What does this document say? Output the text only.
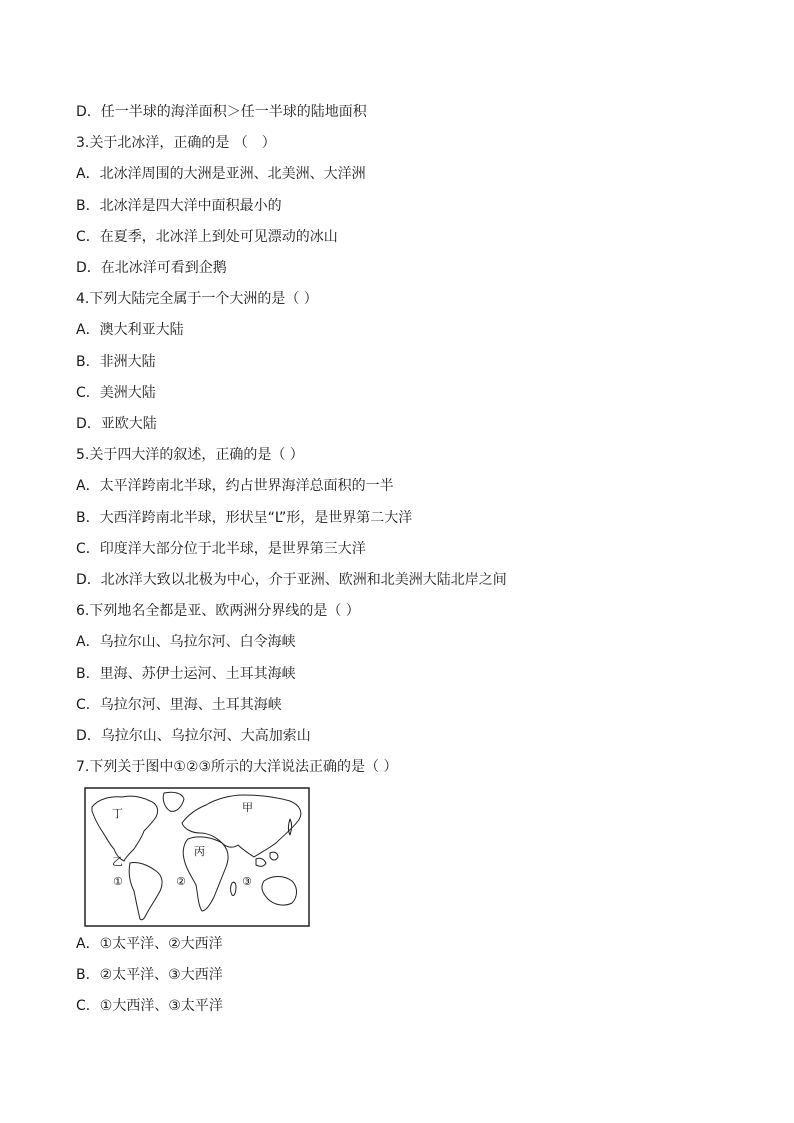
D．任一半球的海洋面积＞任一半球的陆地面积
3.关于北冰洋，正确的是 （　）
A．北冰洋周围的大洲是亚洲、北美洲、大洋洲
B．北冰洋是四大洋中面积最小的
C．在夏季，北冰洋上到处可见漂动的冰山
D．在北冰洋可看到企鹅
4.下列大陆完全属于一个大洲的是（ ）
A．澳大利亚大陆
B．非洲大陆
C．美洲大陆
D．亚欧大陆
5.关于四大洋的叙述，正确的是（ ）
A．太平洋跨南北半球，约占世界海洋总面积的一半
B．大西洋跨南北半球，形状呈“L”形，是世界第二大洋
C．印度洋大部分位于北半球，是世界第三大洋
D．北冰洋大致以北极为中心，介于亚洲、欧洲和北美洲大陆北岸之间
6.下列地名全都是亚、欧两洲分界线的是（ ）
A．乌拉尔山、乌拉尔河、白令海峡
B．里海、苏伊士运河、土耳其海峡
C．乌拉尔河、里海、土耳其海峡
D．乌拉尔山、乌拉尔河、大高加索山
7.下列关于图中①②③所示的大洋说法正确的是（ ）
丁	甲
丙
乙
①	②	③
A．①太平洋、②大西洋
B．②太平洋、③大西洋
C．①大西洋、③太平洋
